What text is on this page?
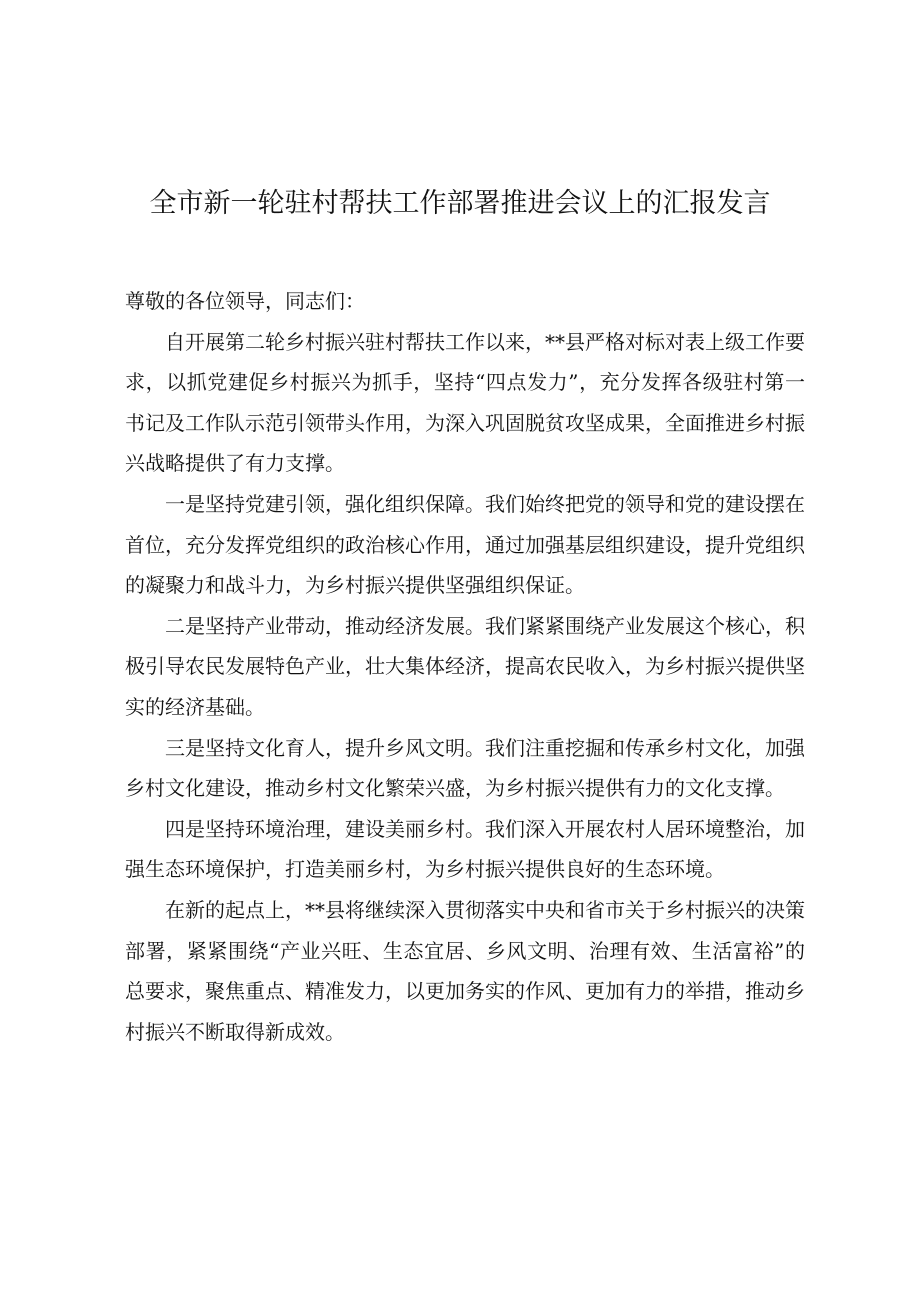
全市新一轮驻村帮扶工作部署推进会议上的汇报发言

尊敬的各位领导，同志们：

自开展第二轮乡村振兴驻村帮扶工作以来，**县严格对标对表上级工作要求，以抓党建促乡村振兴为抓手，坚持“四点发力”，充分发挥各级驻村第一书记及工作队示范引领带头作用，为深入巩固脱贫攻坚成果，全面推进乡村振兴战略提供了有力支撑。

一是坚持党建引领，强化组织保障。我们始终把党的领导和党的建设摆在首位，充分发挥党组织的政治核心作用，通过加强基层组织建设，提升党组织的凝聚力和战斗力，为乡村振兴提供坚强组织保证。

二是坚持产业带动，推动经济发展。我们紧紧围绕产业发展这个核心，积极引导农民发展特色产业，壮大集体经济，提高农民收入，为乡村振兴提供坚实的经济基础。

三是坚持文化育人，提升乡风文明。我们注重挖掘和传承乡村文化，加强乡村文化建设，推动乡村文化繁荣兴盛，为乡村振兴提供有力的文化支撑。

四是坚持环境治理，建设美丽乡村。我们深入开展农村人居环境整治，加强生态环境保护，打造美丽乡村，为乡村振兴提供良好的生态环境。

在新的起点上，**县将继续深入贯彻落实中央和省市关于乡村振兴的决策部署，紧紧围绕“产业兴旺、生态宜居、乡风文明、治理有效、生活富裕”的总要求，聚焦重点、精准发力，以更加务实的作风、更加有力的举措，推动乡村振兴不断取得新成效。
